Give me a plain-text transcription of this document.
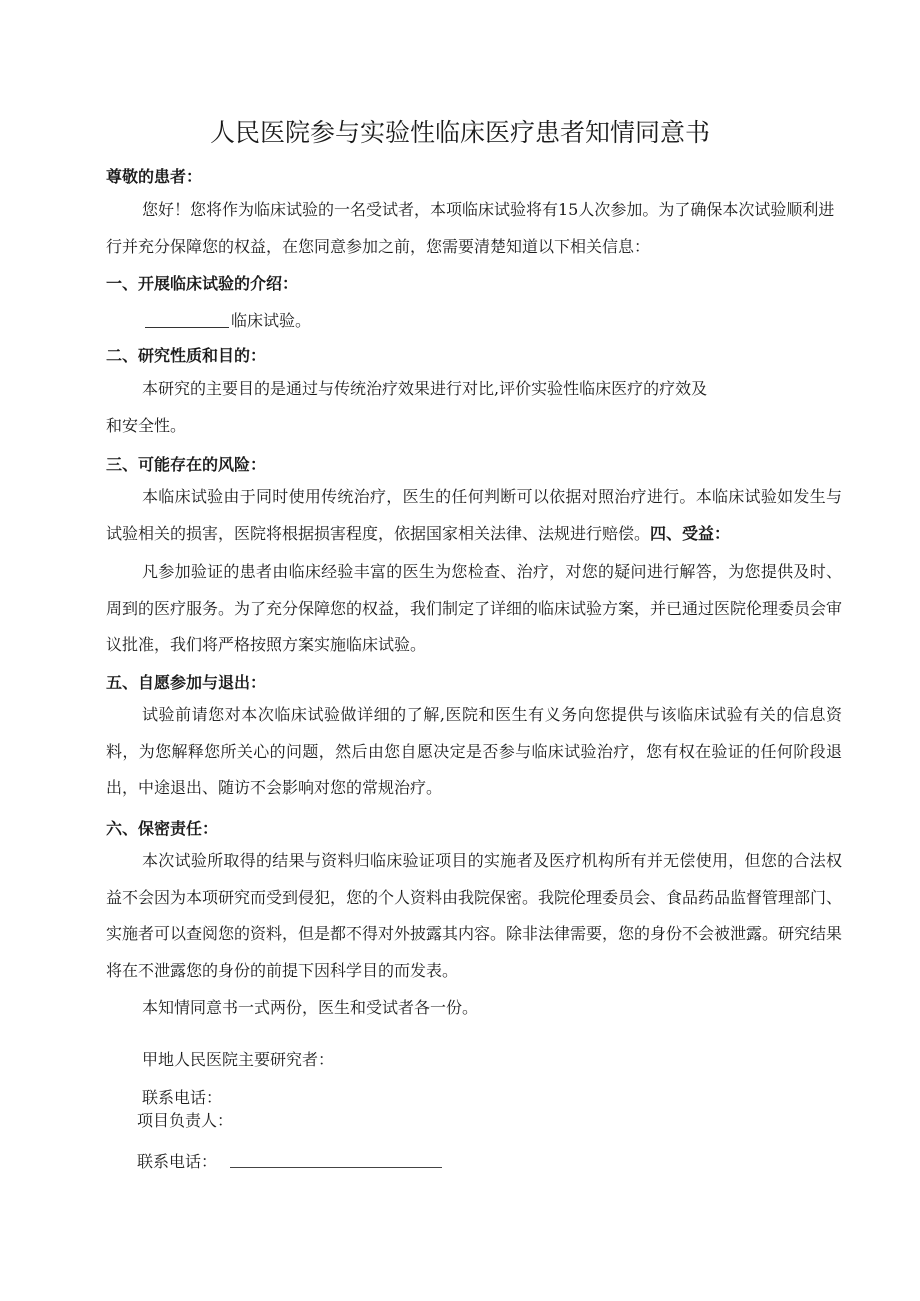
人民医院参与实验性临床医疗患者知情同意书
尊敬的患者：
您好！您将作为临床试验的一名受试者，本项临床试验将有15人次参加。为了确保本次试验顺利进行并充分保障您的权益，在您同意参加之前，您需要清楚知道以下相关信息：
一、开展临床试验的介绍：
临床试验。
二、研究性质和目的：
本研究的主要目的是通过与传统治疗效果进行对比,评价实验性临床医疗的疗效及和安全性。
三、可能存在的风险：
本临床试验由于同时使用传统治疗，医生的任何判断可以依据对照治疗进行。本临床试验如发生与试验相关的损害，医院将根据损害程度，依据国家相关法律、法规进行赔偿。四、受益：
凡参加验证的患者由临床经验丰富的医生为您检查、治疗，对您的疑问进行解答，为您提供及时、周到的医疗服务。为了充分保障您的权益，我们制定了详细的临床试验方案，并已通过医院伦理委员会审议批准，我们将严格按照方案实施临床试验。
五、自愿参加与退出：
试验前请您对本次临床试验做详细的了解,医院和医生有义务向您提供与该临床试验有关的信息资料，为您解释您所关心的问题，然后由您自愿决定是否参与临床试验治疗，您有权在验证的任何阶段退出，中途退出、随访不会影响对您的常规治疗。
六、保密责任：
本次试验所取得的结果与资料归临床验证项目的实施者及医疗机构所有并无偿使用，但您的合法权益不会因为本项研究而受到侵犯，您的个人资料由我院保密。我院伦理委员会、食品药品监督管理部门、实施者可以查阅您的资料，但是都不得对外披露其内容。除非法律需要，您的身份不会被泄露。研究结果将在不泄露您的身份的前提下因科学目的而发表。
本知情同意书一式两份，医生和受试者各一份。
甲地人民医院主要研究者：
联系电话：
项目负责人：
联系电话：
